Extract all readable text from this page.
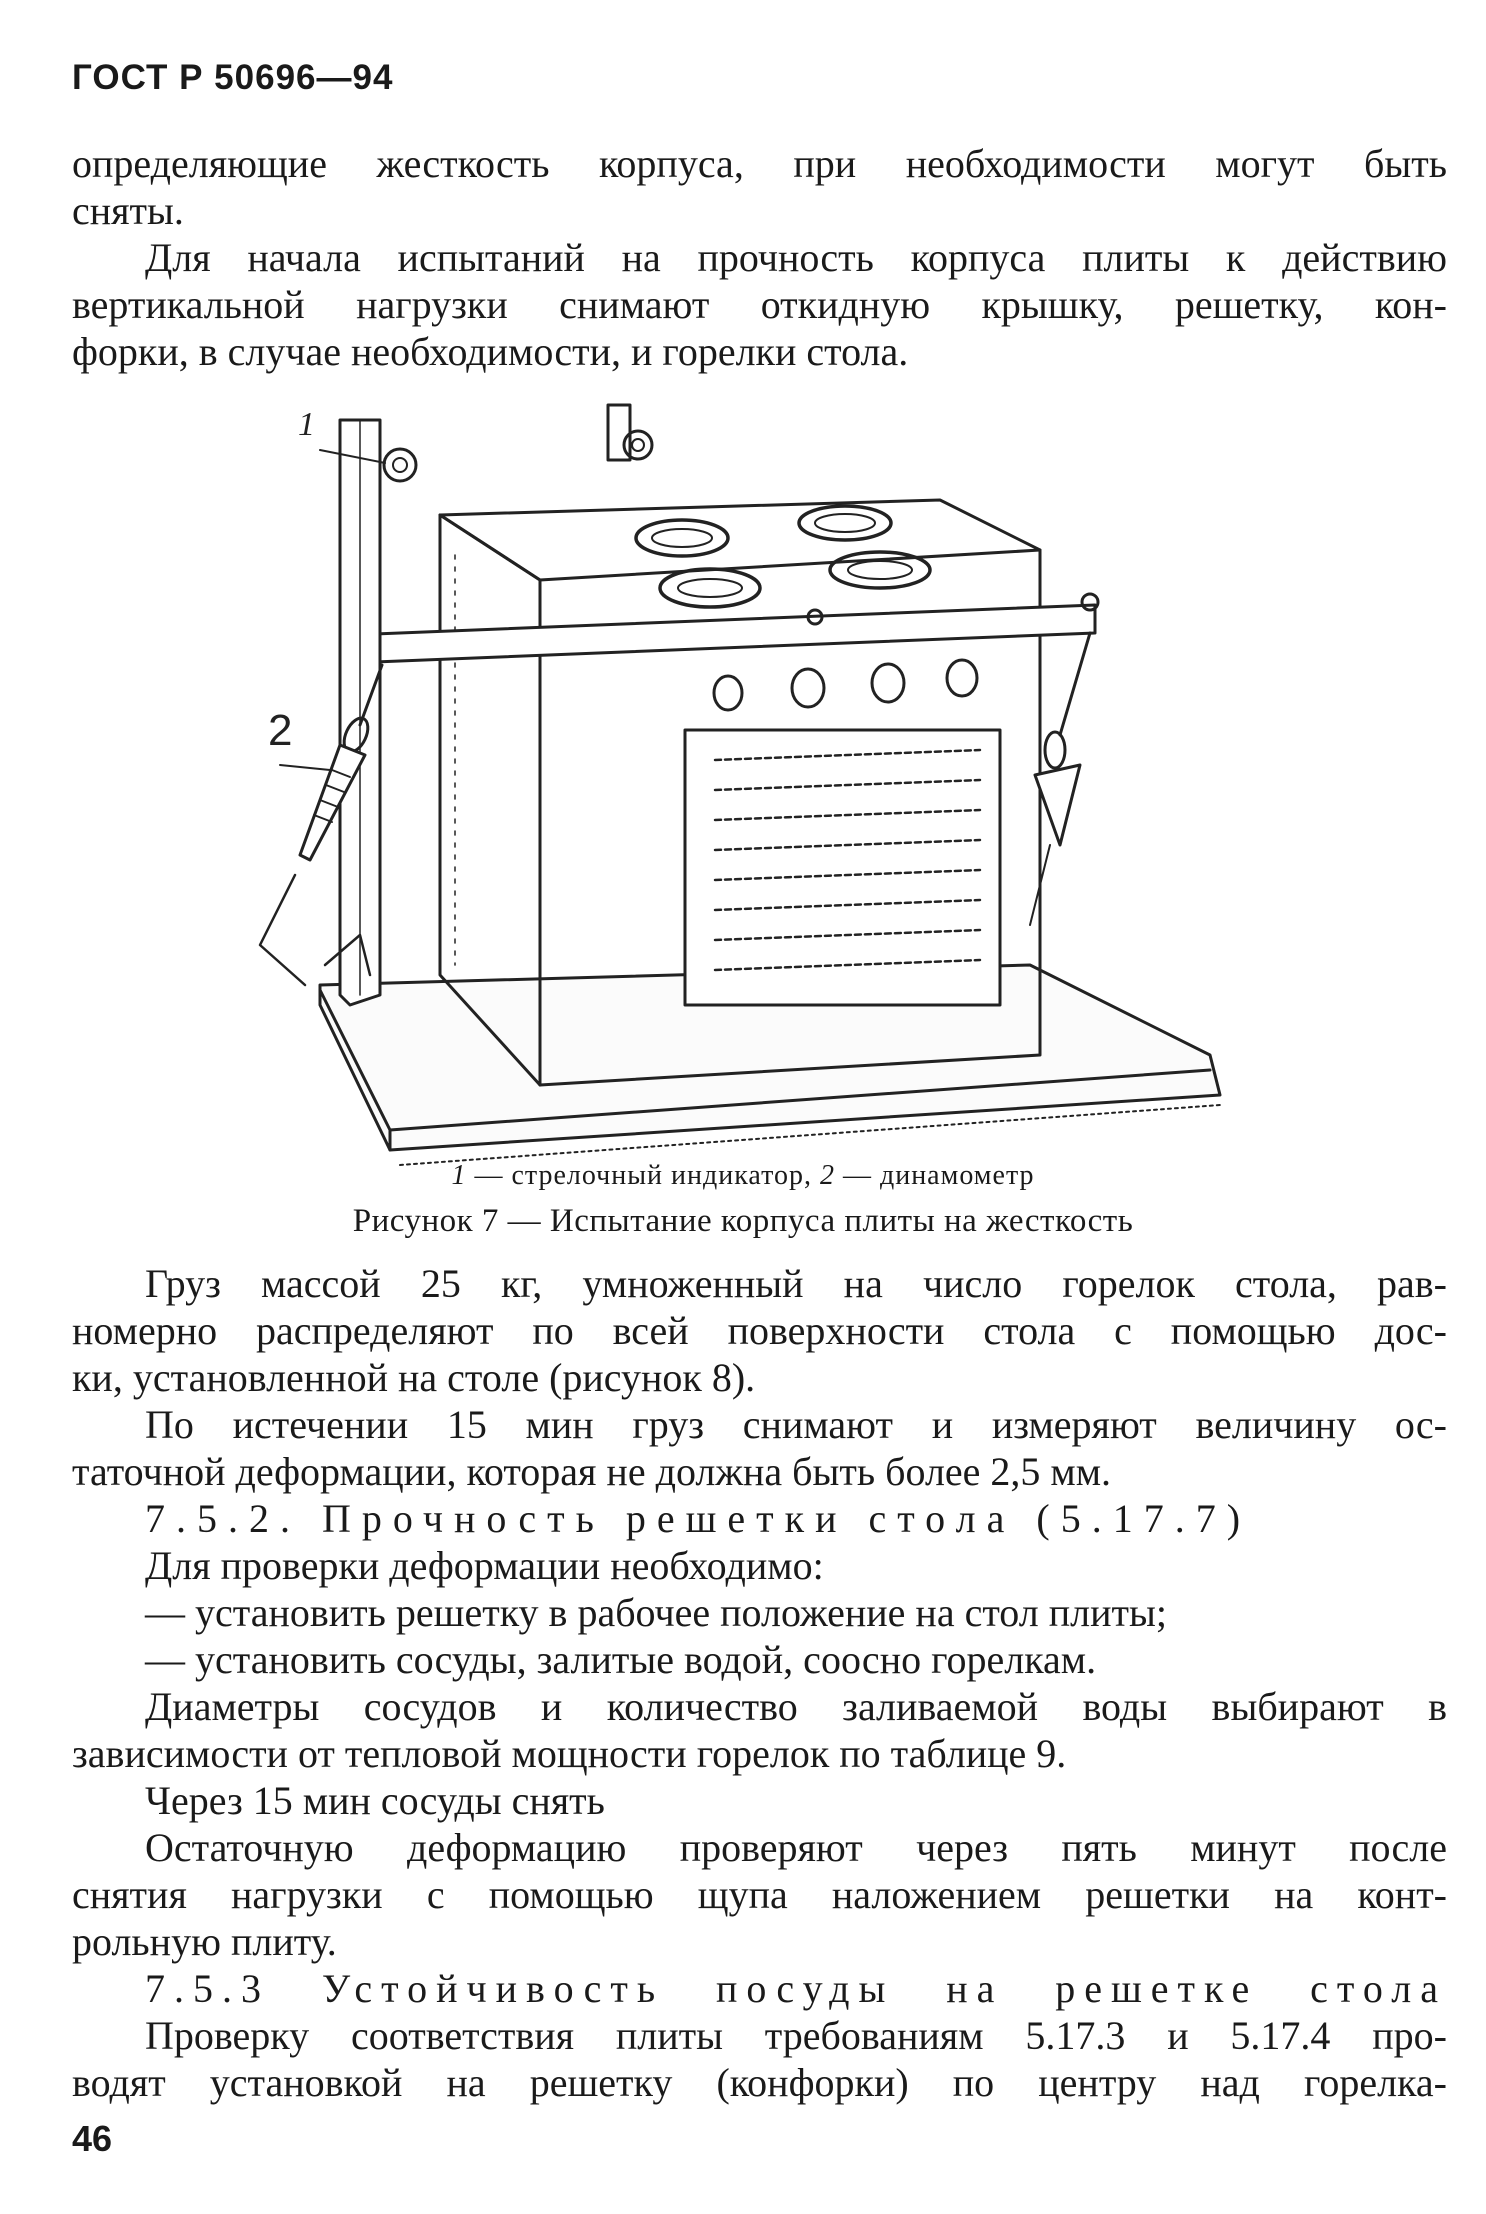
ГОСТ Р 50696—94

определяющие жесткость корпуса, при необходимости могут быть

сняты.

Для начала испытаний на прочность корпуса плиты к действию

вертикальной нагрузки снимают откидную крышку, решетку, кон-

форки, в случае необходимости, и горелки стола.

1
2
1 — стрелочный индикатор, 2 — динамометр
Рисунок 7 — Испытание корпуса плиты на жесткость

Груз массой 25 кг, умноженный на число горелок стола, рав-

номерно распределяют по всей поверхности стола с помощью дос-

ки, установленной на столе (рисунок 8).

По истечении 15 мин груз снимают и измеряют величину ос-

таточной деформации, которая не должна быть более 2,5 мм.

7.5.2. Прочность решетки стола (5.17.7)

Для проверки деформации необходимо:

— установить решетку в рабочее положение на стол плиты;

— установить сосуды, залитые водой, соосно горелкам.

Диаметры сосудов и количество заливаемой воды выбирают в

зависимости от тепловой мощности горелок по таблице 9.

Через 15 мин сосуды снять

Остаточную деформацию проверяют через пять минут после

снятия нагрузки с помощью щупа наложением решетки на конт-

рольную плиту.

7.5.3 Устойчивость посуды на решетке стола

Проверку соответствия плиты требованиям 5.17.3 и 5.17.4 про-

водят установкой на решетку (конфорки) по центру над горелка-

46
